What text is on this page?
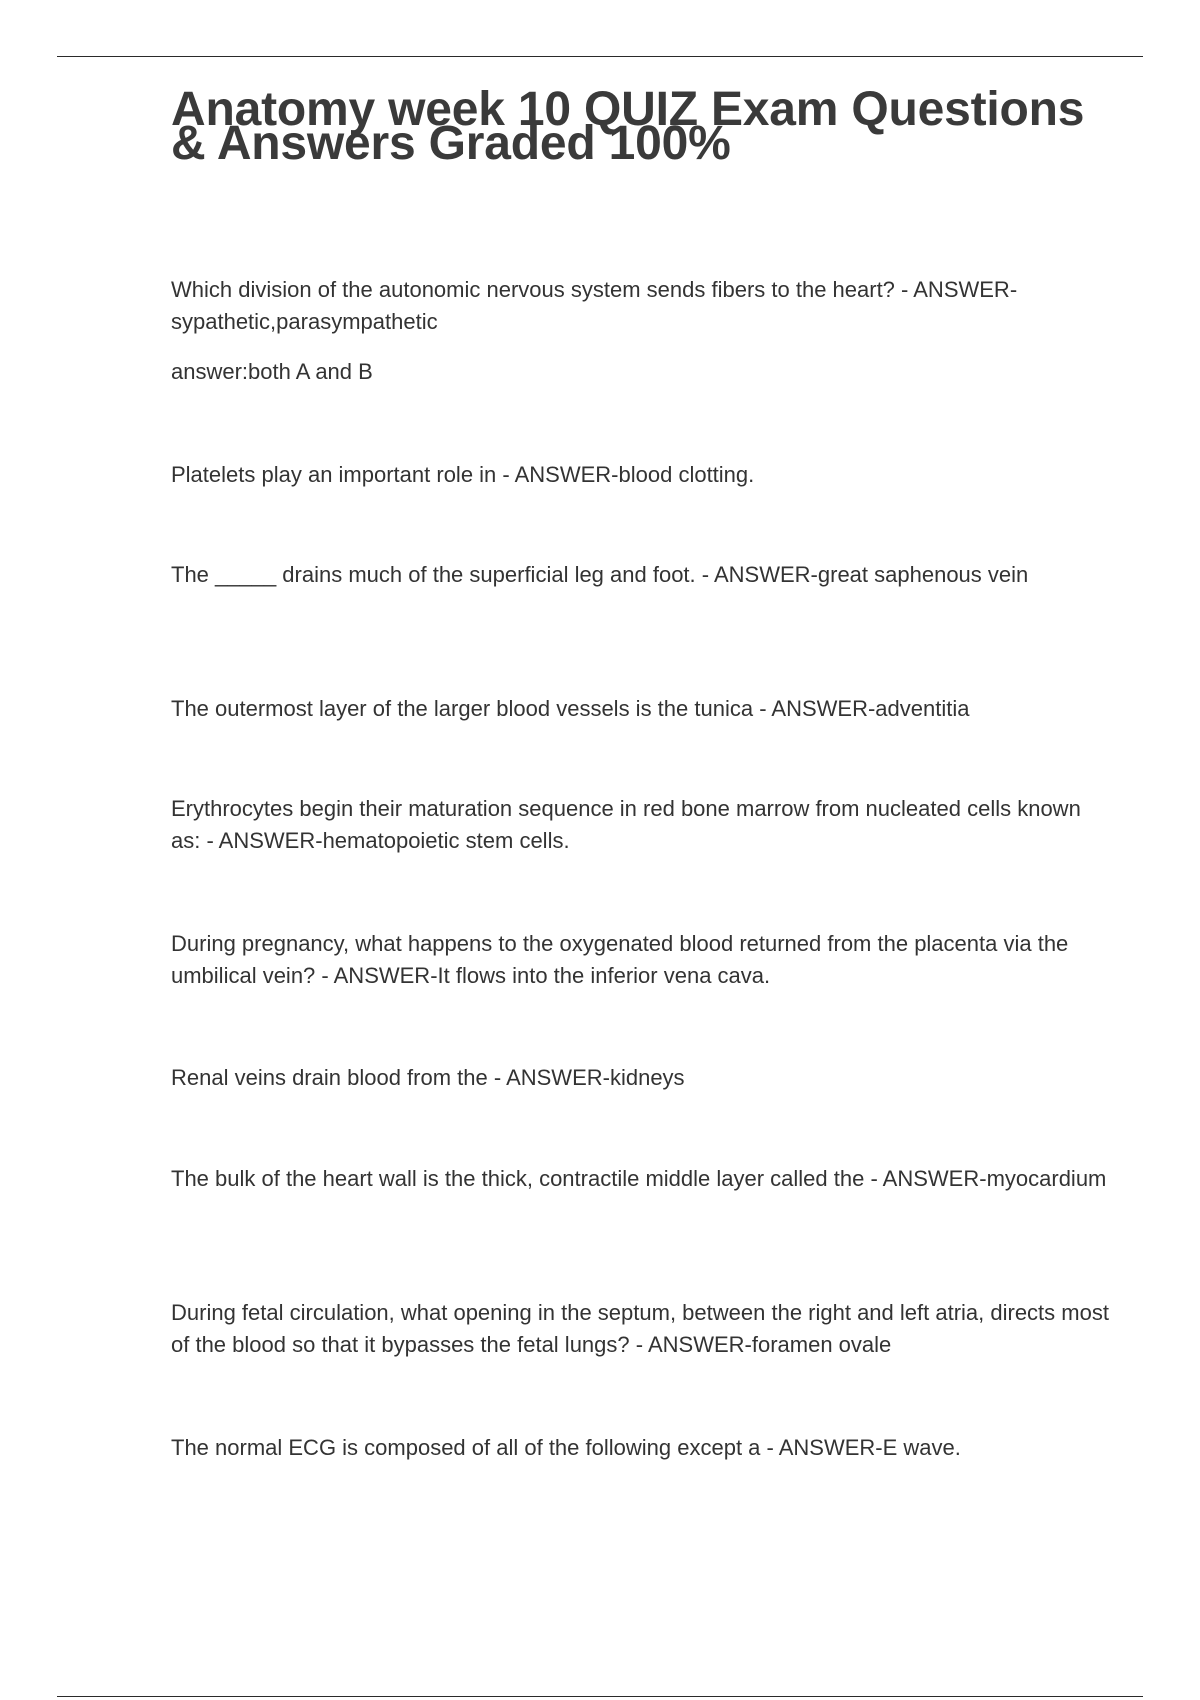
Anatomy week 10 QUIZ Exam Questions & Answers Graded 100%

Which division of the autonomic nervous system sends fibers to the heart? - ANSWER-sypathetic,parasympathetic

answer:both A and B

Platelets play an important role in - ANSWER-blood clotting.

The _____ drains much of the superficial leg and foot. - ANSWER-great saphenous vein

The outermost layer of the larger blood vessels is the tunica - ANSWER-adventitia

Erythrocytes begin their maturation sequence in red bone marrow from nucleated cells known as: - ANSWER-hematopoietic stem cells.

During pregnancy, what happens to the oxygenated blood returned from the placenta via the umbilical vein? - ANSWER-It flows into the inferior vena cava.

Renal veins drain blood from the - ANSWER-kidneys

The bulk of the heart wall is the thick, contractile middle layer called the - ANSWER-myocardium

During fetal circulation, what opening in the septum, between the right and left atria, directs most of the blood so that it bypasses the fetal lungs? - ANSWER-foramen ovale

The normal ECG is composed of all of the following except a - ANSWER-E wave.
